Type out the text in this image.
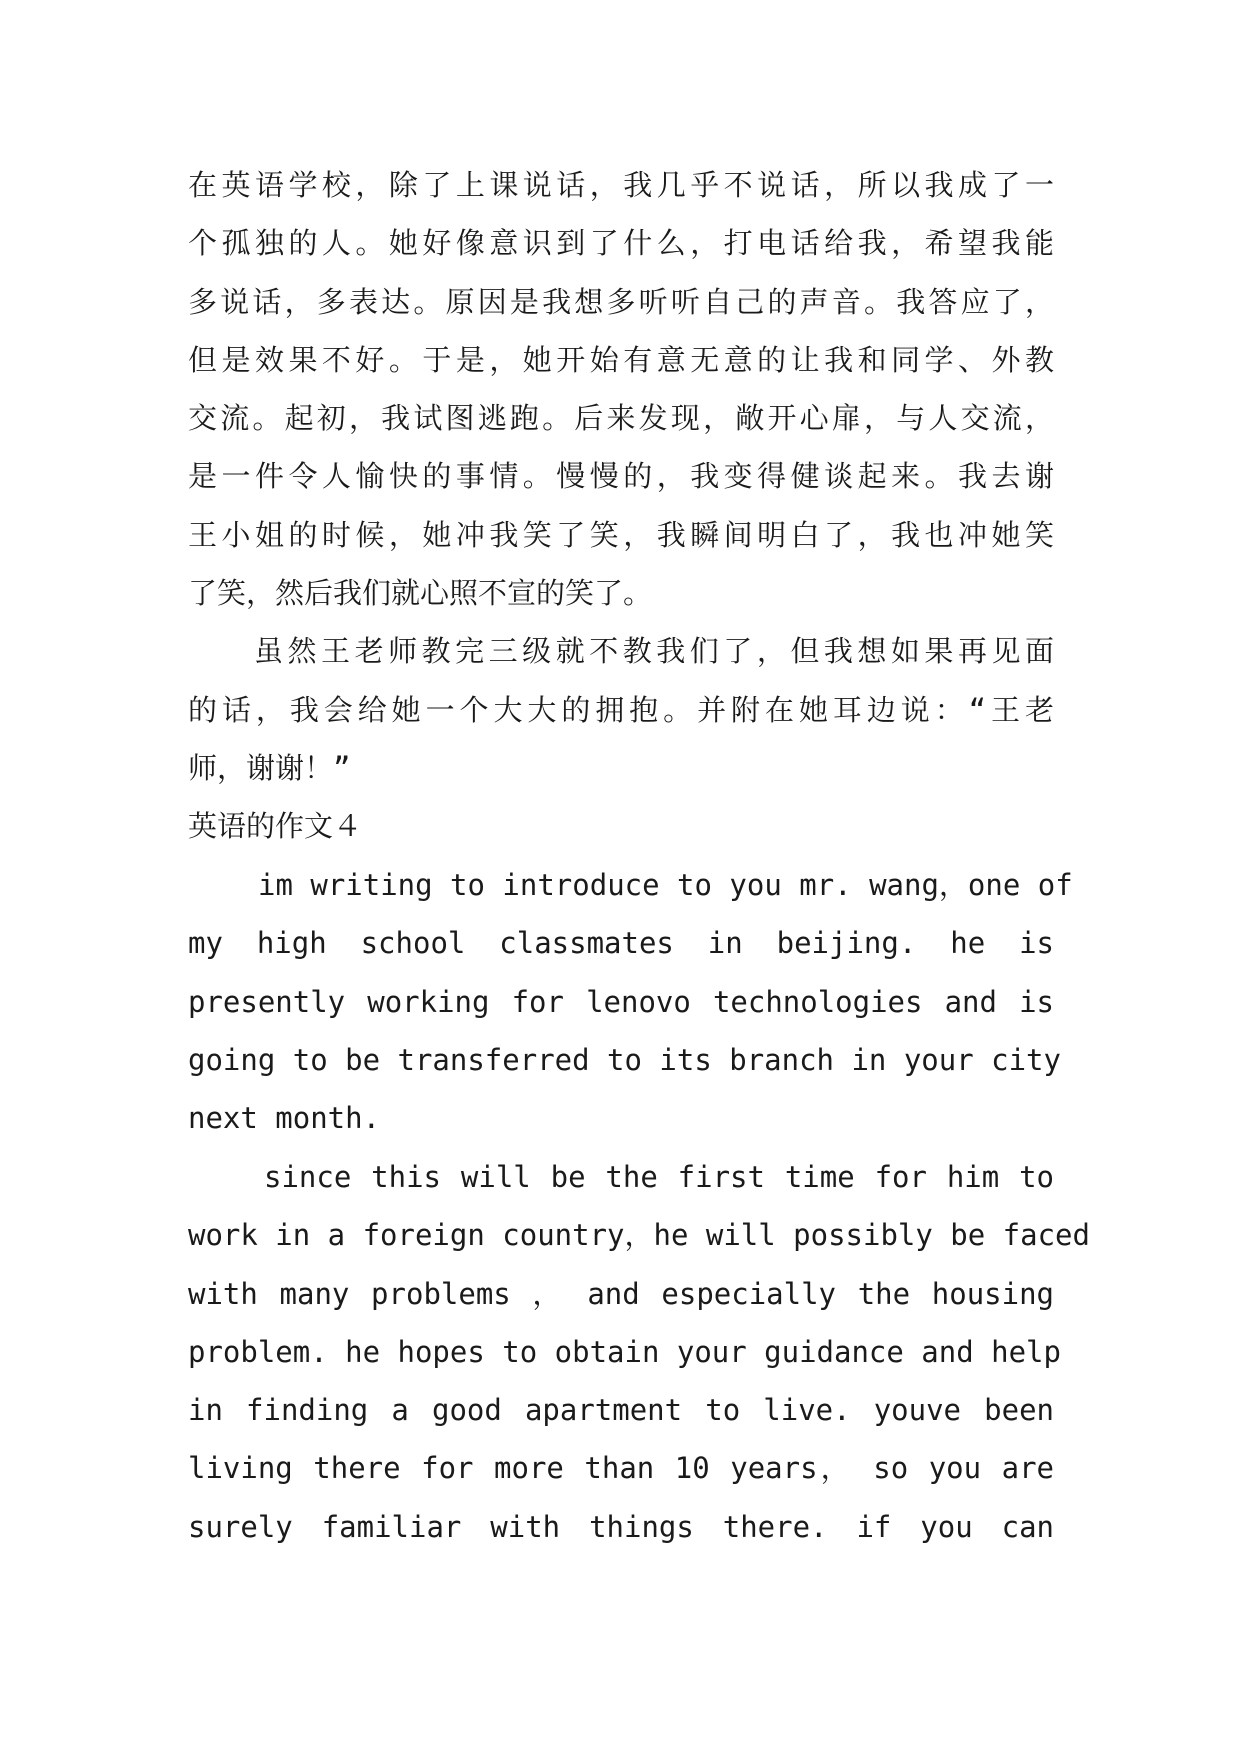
在英语学校，除了上课说话，我几乎不说话，所以我成了一
个孤独的人。她好像意识到了什么，打电话给我，希望我能
多说话，多表达。原因是我想多听听自己的声音。我答应了，
但是效果不好。于是，她开始有意无意的让我和同学、外教
交流。起初，我试图逃跑。后来发现，敞开心扉，与人交流，
是一件令人愉快的事情。慢慢的，我变得健谈起来。我去谢
王小姐的时候，她冲我笑了笑，我瞬间明白了，我也冲她笑
了笑，然后我们就心照不宣的笑了。
虽然王老师教完三级就不教我们了，但我想如果再见面
的话，我会给她一个大大的拥抱。并附在她耳边说：“王老
师，谢谢！”
英语的作文４
im writing to introduce to you mr. wang，one of
my high school classmates in beijing. he is
presently working for lenovo technologies and is
going to be transferred to its branch in your city
next month.
since this will be the first time for him to
work in a foreign country，he will possibly be faced
with many problems ， and especially the housing
problem. he hopes to obtain your guidance and help
in finding a good apartment to live. youve been
living there for more than 10 years， so you are
surely familiar with things there. if you can
